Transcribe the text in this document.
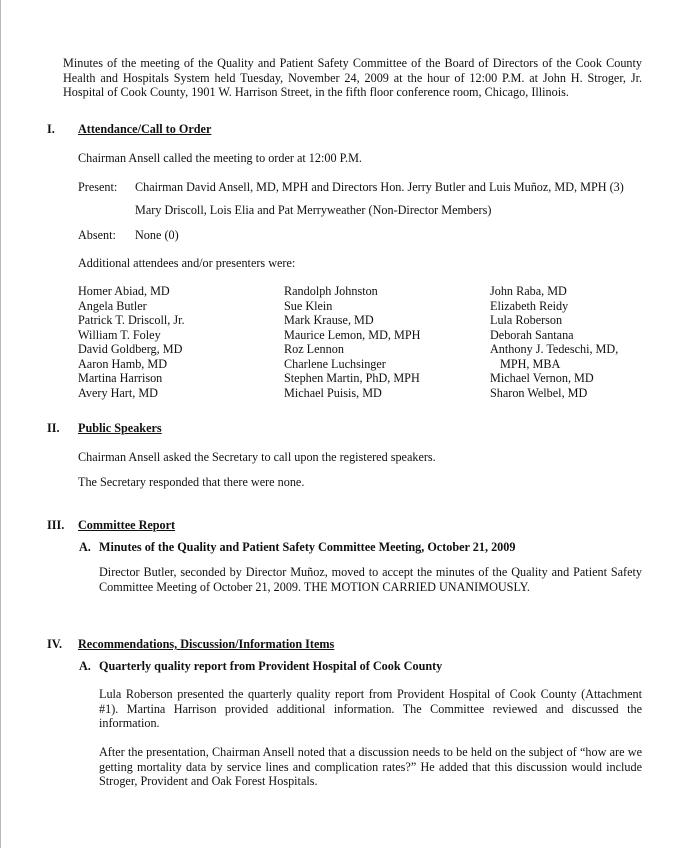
Minutes of the meeting of the Quality and Patient Safety Committee of the Board of Directors of the Cook County Health and Hospitals System held Tuesday, November 24, 2009 at the hour of 12:00 P.M. at John H. Stroger, Jr. Hospital of Cook County, 1901 W. Harrison Street, in the fifth floor conference room, Chicago, Illinois.
I. Attendance/Call to Order
Chairman Ansell called the meeting to order at 12:00 P.M.
Present: Chairman David Ansell, MD, MPH and Directors Hon. Jerry Butler and Luis Muñoz, MD, MPH (3)
Mary Driscoll, Lois Elia and Pat Merryweather (Non-Director Members)
Absent: None (0)
Additional attendees and/or presenters were:
Homer Abiad, MD
Angela Butler
Patrick T. Driscoll, Jr.
William T. Foley
David Goldberg, MD
Aaron Hamb, MD
Martina Harrison
Avery Hart, MD
Randolph Johnston
Sue Klein
Mark Krause, MD
Maurice Lemon, MD, MPH
Roz Lennon
Charlene Luchsinger
Stephen Martin, PhD, MPH
Michael Puisis, MD
John Raba, MD
Elizabeth Reidy
Lula Roberson
Deborah Santana
Anthony J. Tedeschi, MD,
MPH, MBA
Michael Vernon, MD
Sharon Welbel, MD
II. Public Speakers
Chairman Ansell asked the Secretary to call upon the registered speakers.
The Secretary responded that there were none.
III. Committee Report
A. Minutes of the Quality and Patient Safety Committee Meeting, October 21, 2009
Director Butler, seconded by Director Muñoz, moved to accept the minutes of the Quality and Patient Safety Committee Meeting of October 21, 2009. THE MOTION CARRIED UNANIMOUSLY.
IV. Recommendations, Discussion/Information Items
A. Quarterly quality report from Provident Hospital of Cook County
Lula Roberson presented the quarterly quality report from Provident Hospital of Cook County (Attachment #1). Martina Harrison provided additional information. The Committee reviewed and discussed the information.
After the presentation, Chairman Ansell noted that a discussion needs to be held on the subject of “how are we getting mortality data by service lines and complication rates?” He added that this discussion would include Stroger, Provident and Oak Forest Hospitals.
